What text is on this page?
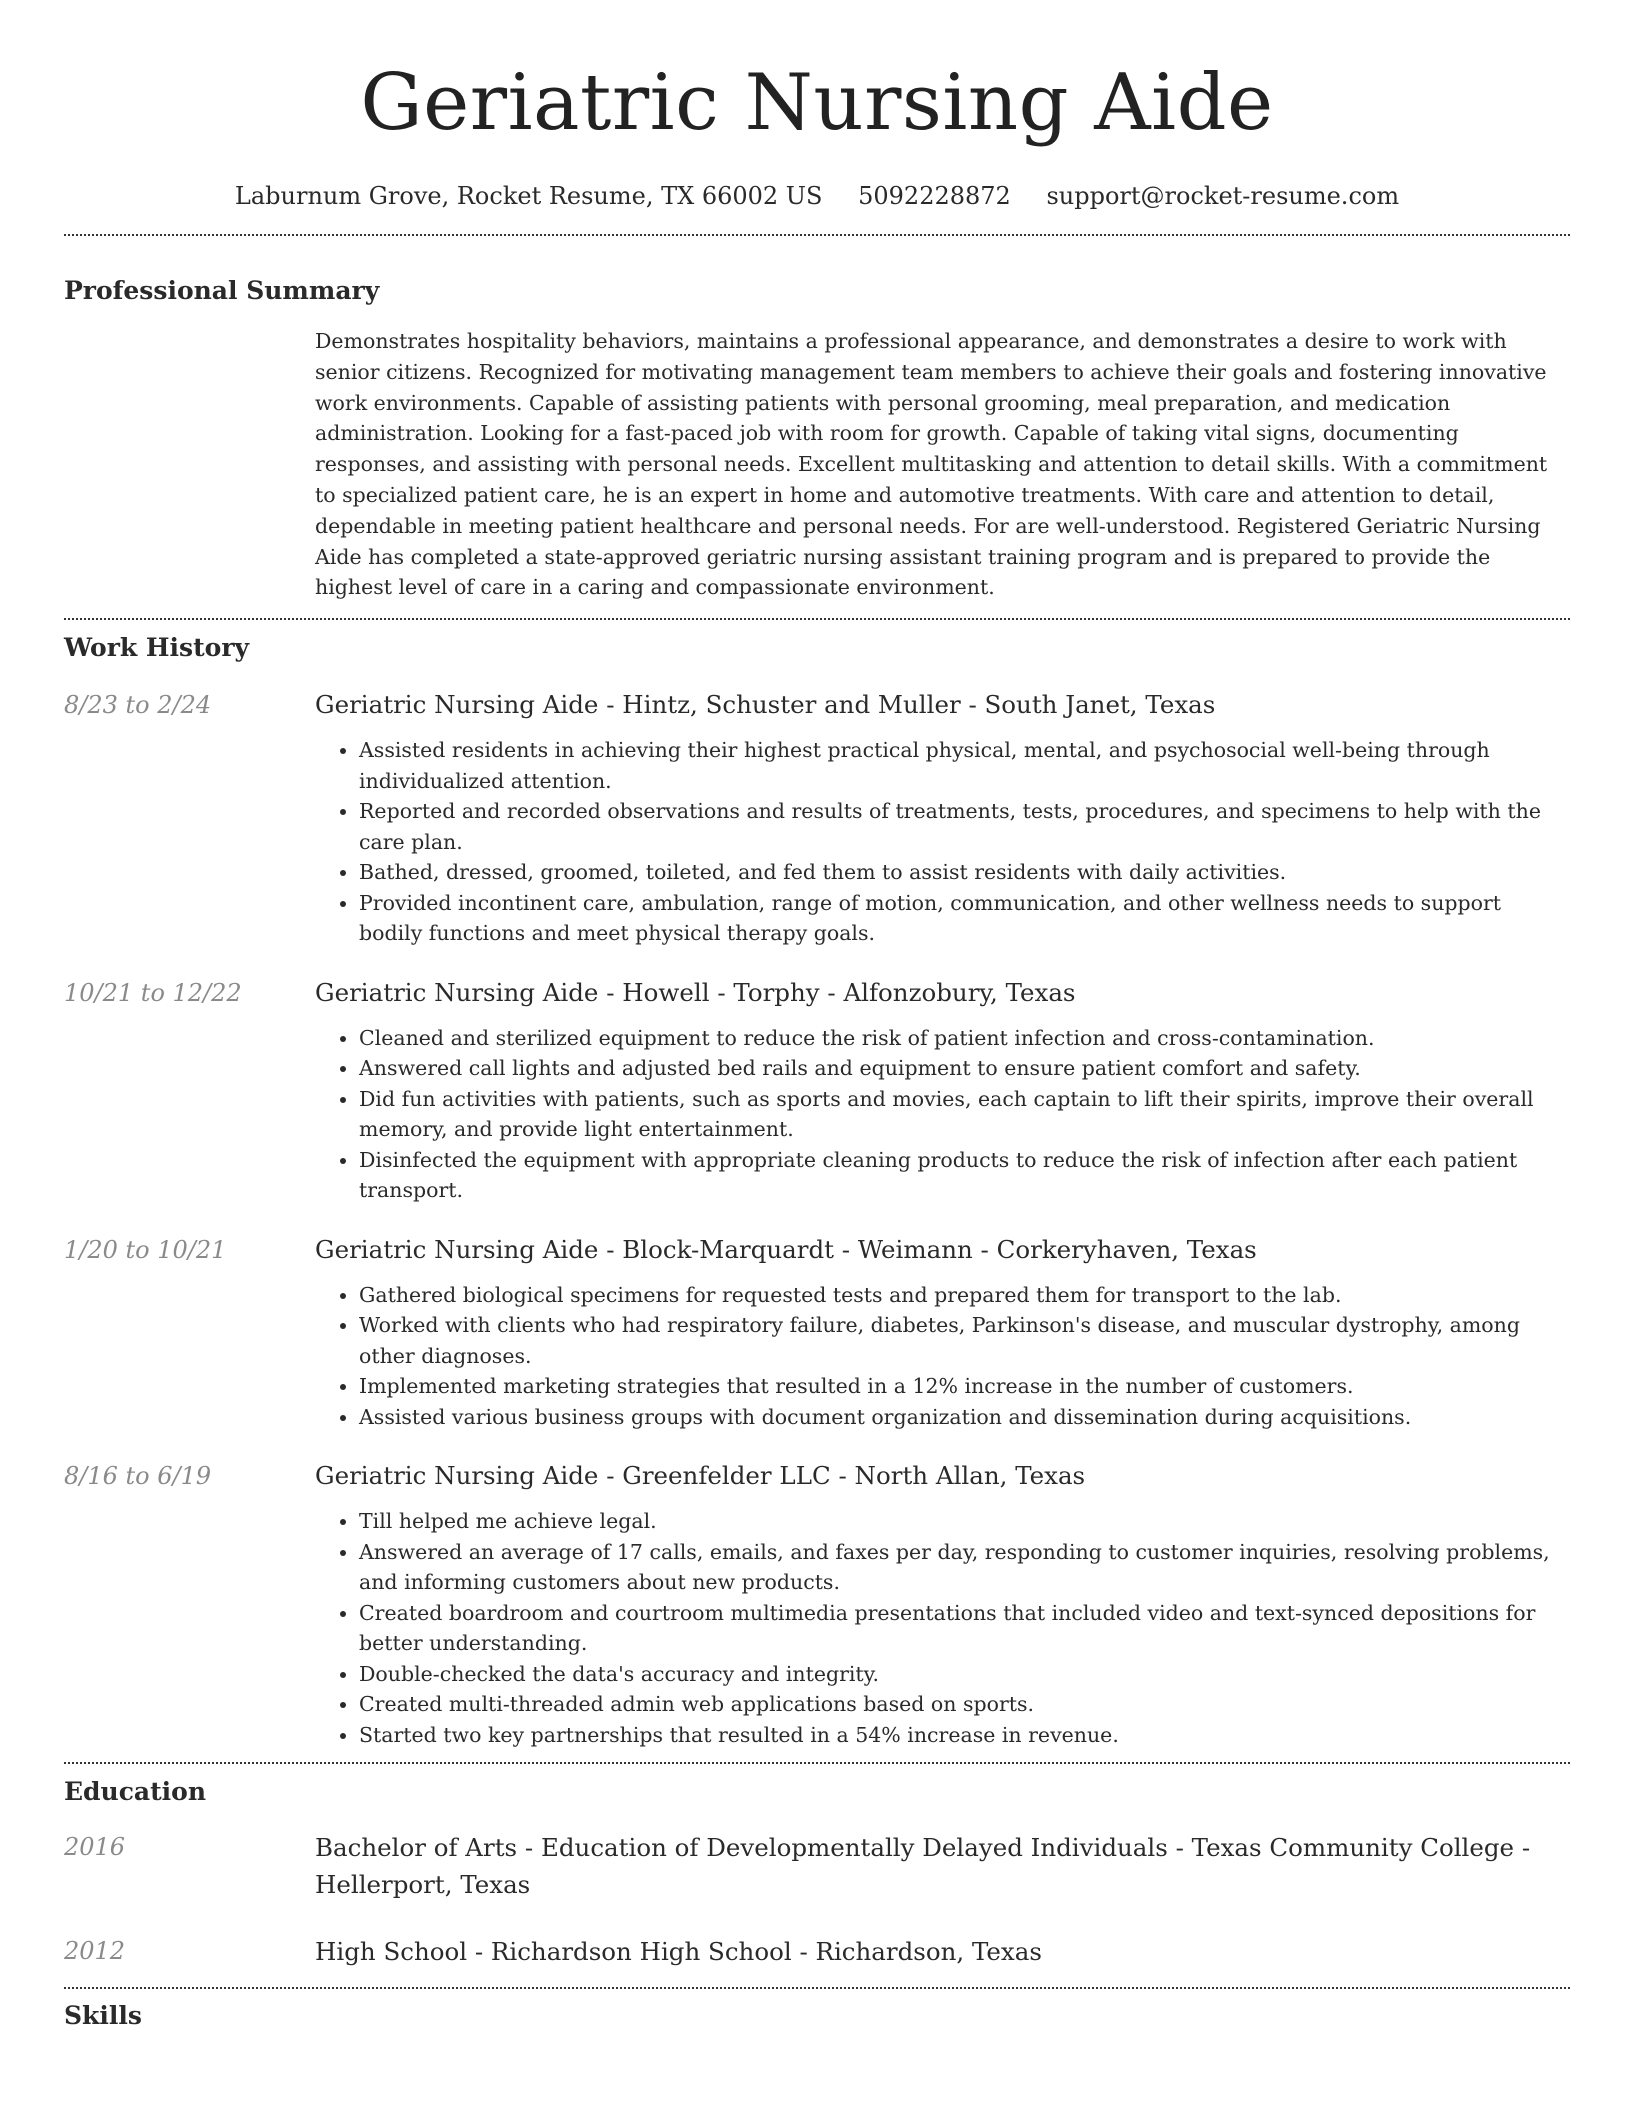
Geriatric Nursing Aide
Laburnum Grove, Rocket Resume, TX 66002 US 5092228872 support@rocket-resume.com
Professional Summary
Demonstrates hospitality behaviors, maintains a professional appearance, and demonstrates a desire to work with senior citizens. Recognized for motivating management team members to achieve their goals and fostering innovative work environments. Capable of assisting patients with personal grooming, meal preparation, and medication administration. Looking for a fast-paced job with room for growth. Capable of taking vital signs, documenting responses, and assisting with personal needs. Excellent multitasking and attention to detail skills. With a commitment to specialized patient care, he is an expert in home and automotive treatments. With care and attention to detail, dependable in meeting patient healthcare and personal needs. For are well-understood. Registered Geriatric Nursing Aide has completed a state-approved geriatric nursing assistant training program and is prepared to provide the highest level of care in a caring and compassionate environment.
Work History
8/23 to 2/24	Geriatric Nursing Aide - Hintz, Schuster and Muller - South Janet, Texas
• Assisted residents in achieving their highest practical physical, mental, and psychosocial well-being through individualized attention.
• Reported and recorded observations and results of treatments, tests, procedures, and specimens to help with the care plan.
• Bathed, dressed, groomed, toileted, and fed them to assist residents with daily activities.
• Provided incontinent care, ambulation, range of motion, communication, and other wellness needs to support bodily functions and meet physical therapy goals.
10/21 to 12/22	Geriatric Nursing Aide - Howell - Torphy - Alfonzobury, Texas
• Cleaned and sterilized equipment to reduce the risk of patient infection and cross-contamination.
• Answered call lights and adjusted bed rails and equipment to ensure patient comfort and safety.
• Did fun activities with patients, such as sports and movies, each captain to lift their spirits, improve their overall memory, and provide light entertainment.
• Disinfected the equipment with appropriate cleaning products to reduce the risk of infection after each patient transport.
1/20 to 10/21	Geriatric Nursing Aide - Block-Marquardt - Weimann - Corkeryhaven, Texas
• Gathered biological specimens for requested tests and prepared them for transport to the lab.
• Worked with clients who had respiratory failure, diabetes, Parkinson's disease, and muscular dystrophy, among other diagnoses.
• Implemented marketing strategies that resulted in a 12% increase in the number of customers.
• Assisted various business groups with document organization and dissemination during acquisitions.
8/16 to 6/19	Geriatric Nursing Aide - Greenfelder LLC - North Allan, Texas
• Till helped me achieve legal.
• Answered an average of 17 calls, emails, and faxes per day, responding to customer inquiries, resolving problems, and informing customers about new products.
• Created boardroom and courtroom multimedia presentations that included video and text-synced depositions for better understanding.
• Double-checked the data's accuracy and integrity.
• Created multi-threaded admin web applications based on sports.
• Started two key partnerships that resulted in a 54% increase in revenue.
Education
2016	Bachelor of Arts - Education of Developmentally Delayed Individuals - Texas Community College - Hellerport, Texas
2012	High School - Richardson High School - Richardson, Texas
Skills
